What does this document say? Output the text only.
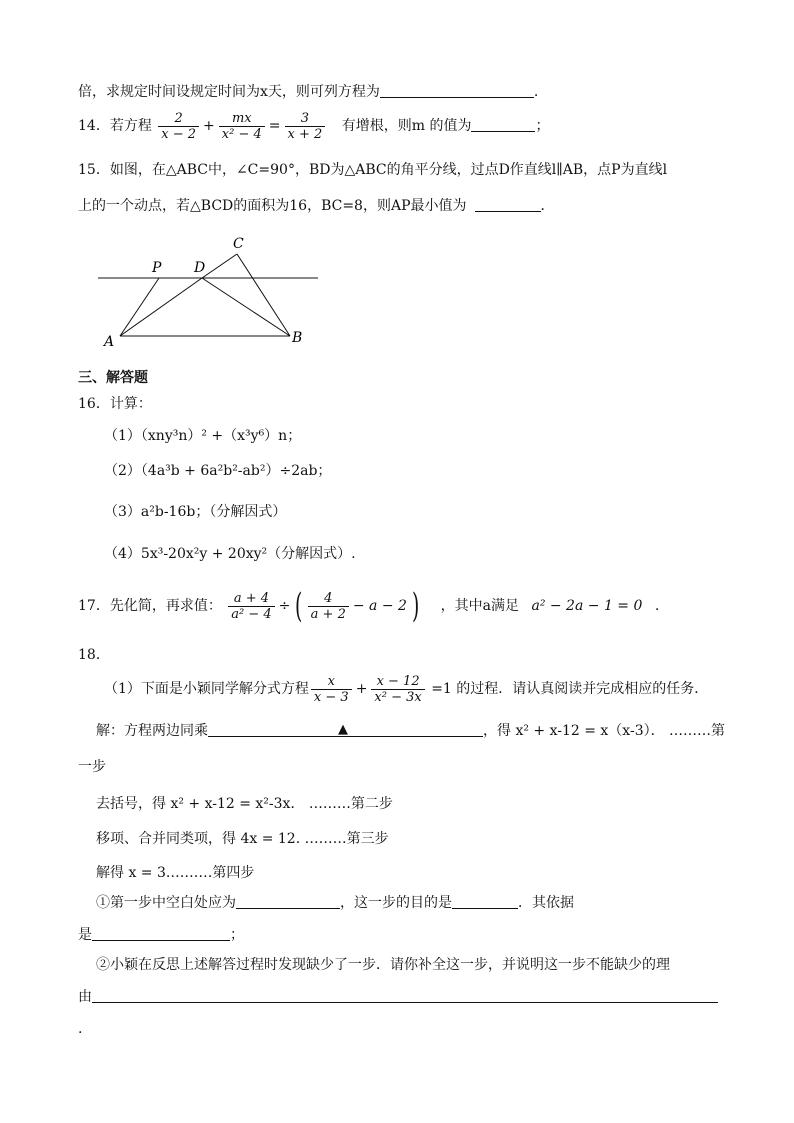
倍，求规定时间设规定时间为x天，则可列方程为	.
14．若方程 $\frac{2}{x - 2} + \frac{mx}{\text{x² − 4}} = \frac{3}{x + 2}$ 有增根，则m 的值为	；
15．如图，在△ABC中，∠C=90°，BD为△ABC的角平分线，过点D作直线l∥AB，点P为直线l
上的一个动点，若△BCD的面积为16，BC=8，则AP最小值为	．
C
P D
A	B
三、解答题
16．计算：
（1）（xny³n）² +（x³y⁶）n；
（2）（4a³b + 6a²b²-ab²）÷2ab；
（3）a²b-16b；（分解因式）
（4）5x³-20x²y + 20xy²（分解因式）.
17．先化简，再求值： $\frac{a + 4}{\text{a² − 4}}$ ÷ ( $\frac{4}{a + 2} - a - 2$ ) ，其中a满足 a² − 2a − 1 = 0 .
18．
（1）下面是小颖同学解分式方程 $\frac{x}{x - 3} + \frac{x - 12}{\text{x² − 3x}} =1$ 的过程．请认真阅读并完成相应的任务．
解：方程两边同乘	▲	，得 x² + x-12 = x（x-3）． ………第
一步
去括号，得 x² + x-12 = x²-3x． ………第二步
移项、合并同类项，得 4x = 12. ………第三步
解得 x = 3.………第四步
①第一步中空白处应为	，这一步的目的是	．其依据
是	；
②小颖在反思上述解答过程时发现缺少了一步．请你补全这一步，并说明这一步不能缺少的理
由
.
